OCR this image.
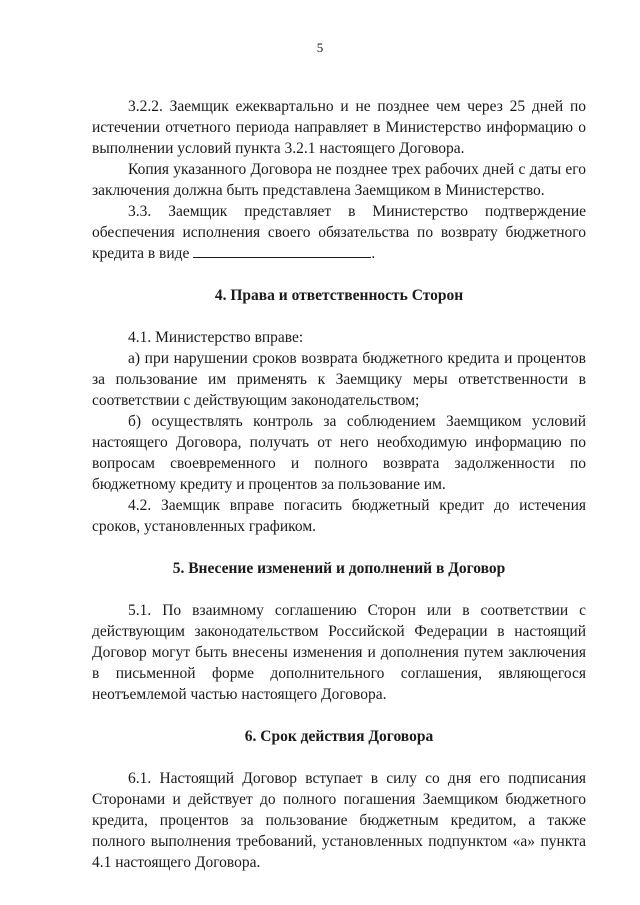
5

3.2.2. Заемщик ежеквартально и не позднее чем через 25 дней по истечении отчетного периода направляет в Министерство информацию о выполнении условий пункта 3.2.1 настоящего Договора.

Копия указанного Договора не позднее трех рабочих дней с даты его заключения должна быть представлена Заемщиком в Министерство.

3.3. Заемщик представляет в Министерство подтверждение обеспечения исполнения своего обязательства по возврату бюджетного кредита в виде	.

4. Права и ответственность Сторон

4.1. Министерство вправе:

а) при нарушении сроков возврата бюджетного кредита и процентов за пользование им применять к Заемщику меры ответственности в соответствии с действующим законодательством;

б) осуществлять контроль за соблюдением Заемщиком условий настоящего Договора, получать от него необходимую информацию по вопросам своевременного и полного возврата задолженности по бюджетному кредиту и процентов за пользование им.

4.2. Заемщик вправе погасить бюджетный кредит до истечения сроков, установленных графиком.

5. Внесение изменений и дополнений в Договор

5.1. По взаимному соглашению Сторон или в соответствии с действующим законодательством Российской Федерации в настоящий Договор могут быть внесены изменения и дополнения путем заключения в письменной форме дополнительного соглашения, являющегося неотъемлемой частью настоящего Договора.

6. Срок действия Договора

6.1. Настоящий Договор вступает в силу со дня его подписания Сторонами и действует до полного погашения Заемщиком бюджетного кредита, процентов за пользование бюджетным кредитом, а также полного выполнения требований, установленных подпунктом «а» пункта 4.1 настоящего Договора.
